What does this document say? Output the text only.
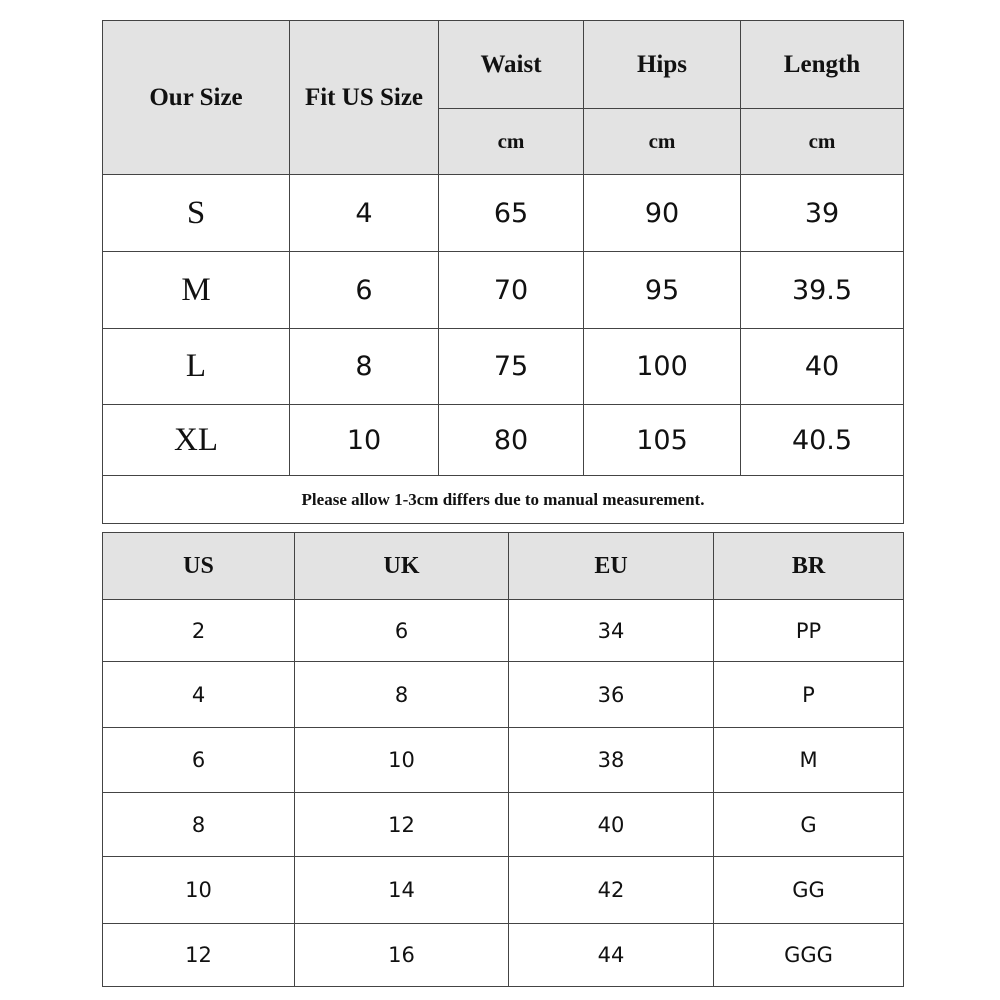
Our Size	Fit US Size	Waist	Hips	Length
		cm	cm	cm
S	4	65	90	39
M	6	70	95	39.5
L	8	75	100	40
XL	10	80	105	40.5
Please allow 1-3cm differs due to manual measurement.				
US	UK	EU	BR
2	6	34	PP
4	8	36	P
6	10	38	M
8	12	40	G
10	14	42	GG
12	16	44	GGG
